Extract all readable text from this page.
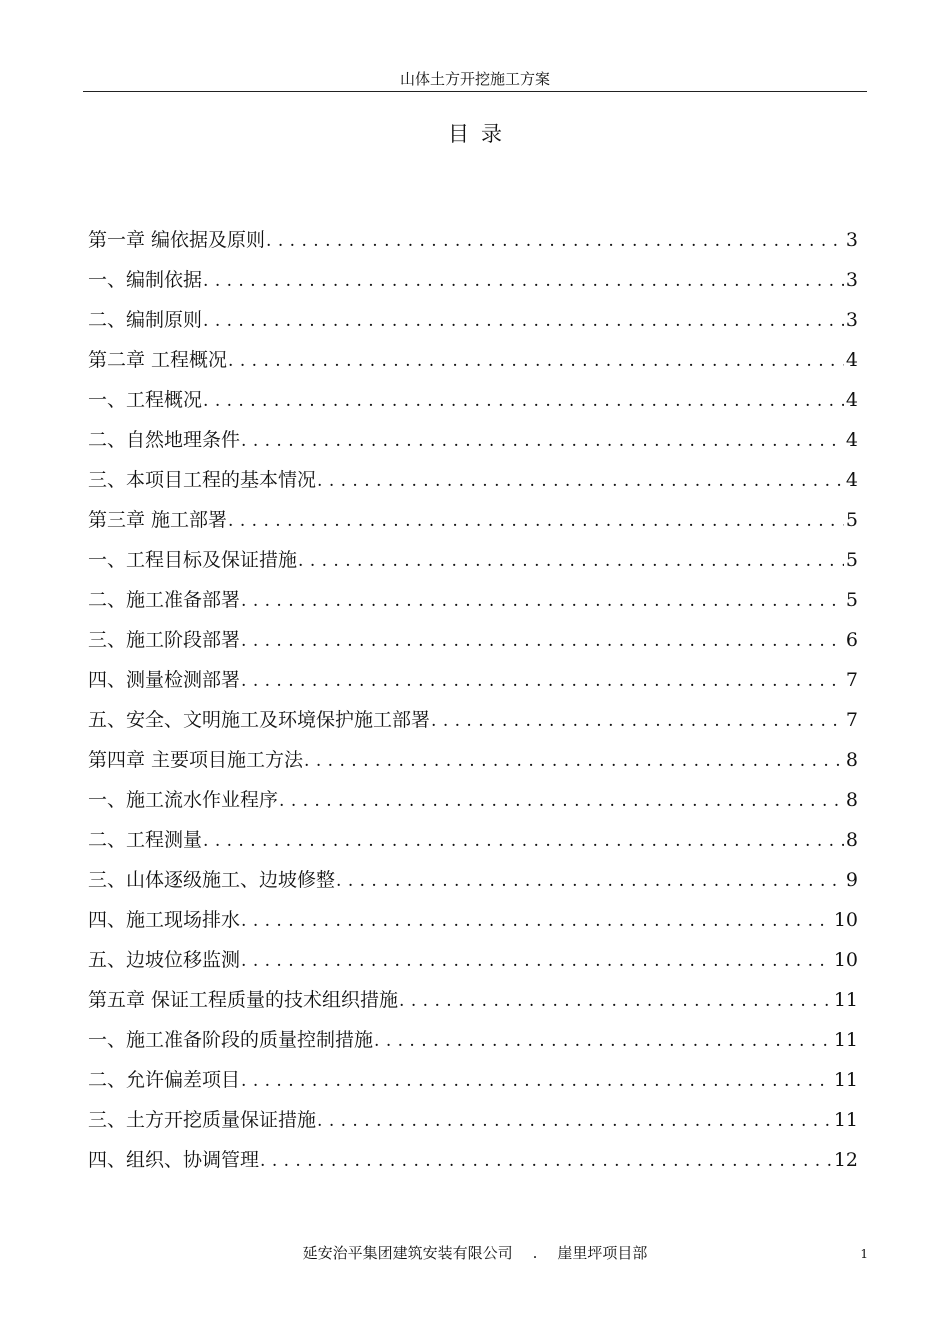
山体土方开挖施工方案
目录
第一章 编依据及原则 .....	3
一、编制依据 .....	3
二、编制原则 .....	3
第二章 工程概况 .....	4
一、工程概况 .....	4
二、自然地理条件 .....	4
三、本项目工程的基本情况 .....	4
第三章 施工部署 .....	5
一、工程目标及保证措施 .....	5
二、施工准备部署 .....	5
三、施工阶段部署 .....	6
四、测量检测部署 .....	7
五、安全、文明施工及环境保护施工部署 .....	7
第四章 主要项目施工方法 .....	8
一、施工流水作业程序 .....	8
二、工程测量 .....	8
三、山体逐级施工、边坡修整 .....	9
四、施工现场排水 .....	10
五、边坡位移监测 .....	10
第五章 保证工程质量的技术组织措施 .....	11
一、施工准备阶段的质量控制措施 .....	11
二、允许偏差项目 .....	11
三、土方开挖质量保证措施 .....	11
四、组织、协调管理 .....	12
延安治平集团建筑安装有限公司 . 崖里坪项目部	1
